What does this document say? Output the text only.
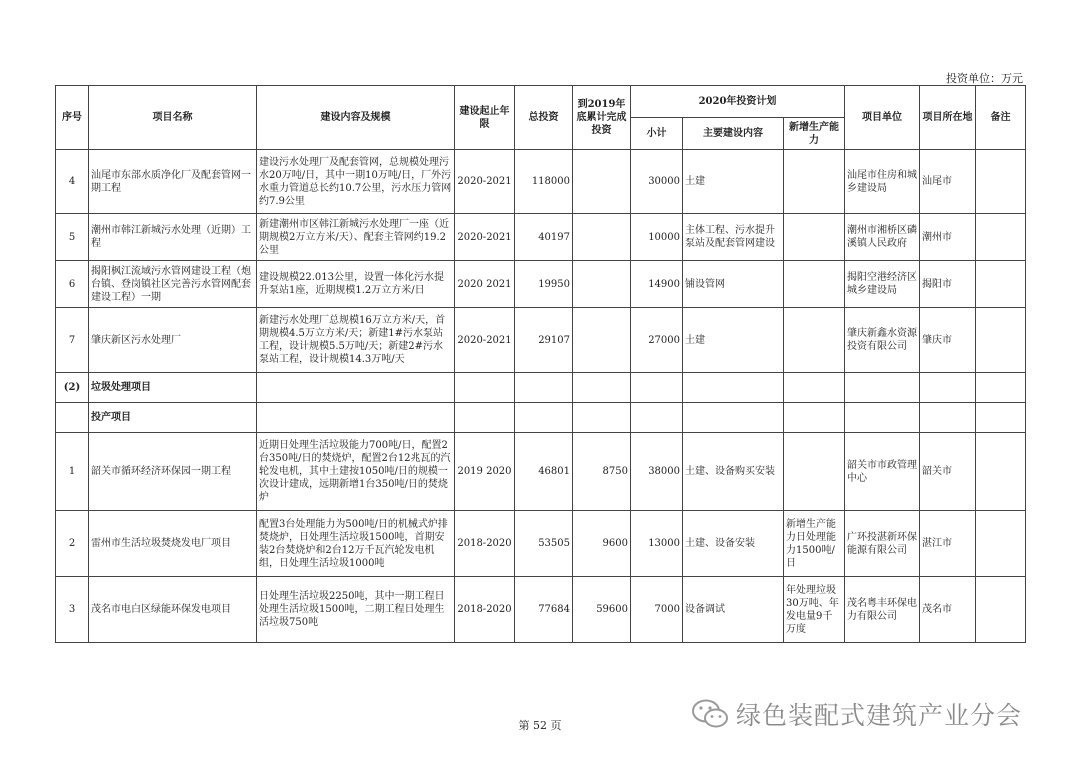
投资单位：万元
序号	项目名称	建设内容及规模	建设起止年限	总投资	到2019年底累计完成投资	2020年投资计划			项目单位	项目所在地	备注
						小计	主要建设内容	新增生产能力			
4	汕尾市东部水质净化厂及配套管网一期工程	建设污水处理厂及配套管网，总规模处理污水20万吨/日，其中一期10万吨/日，厂外污水重力管道总长约10.7公里，污水压力管网约7.9公里	2020-2021	118000		30000	土建		汕尾市住房和城乡建设局	汕尾市	
5	潮州市韩江新城污水处理（近期）工程	新建潮州市区韩江新城污水处理厂一座（近期规模2万立方米/天）、配套主管网约19.2公里	2020-2021	40197		10000	主体工程、污水提升泵站及配套管网建设		潮州市湘桥区磷溪镇人民政府	潮州市	
6	揭阳枫江流域污水管网建设工程（炮台镇、登岗镇社区完善污水管网配套建设工程）一期	建设规模22.013公里，设置一体化污水提升泵站1座，近期规模1.2万立方米/日	2020 2021	19950		14900	铺设管网		揭阳空港经济区城乡建设局	揭阳市	
7	肇庆新区污水处理厂	新建污水处理厂总规模16万立方米/天，首期规模4.5万立方米/天；新建1#污水泵站工程，设计规模5.5万吨/天；新建2#污水泵站工程，设计规模14.3万吨/天	2020-2021	29107		27000	土建		肇庆新鑫水资源投资有限公司	肇庆市	
(2)	垃圾处理项目										
	投产项目										
1	韶关市循环经济环保园一期工程	近期日处理生活垃圾能力700吨/日，配置2台350吨/日的焚烧炉，配置2台12兆瓦的汽轮发电机，其中土建按1050吨/日的规模一次设计建成，远期新增1台350吨/日的焚烧炉	2019 2020	46801	8750	38000	土建、设备购买安装		韶关市市政管理中心	韶关市	
2	雷州市生活垃圾焚烧发电厂项目	配置3台处理能力为500吨/日的机械式炉排焚烧炉，日处理生活垃圾1500吨，首期安装2台焚烧炉和2台12万千瓦汽轮发电机组，日处理生活垃圾1000吨	2018-2020	53505	9600	13000	土建、设备安装	新增生产能力日处理能力1500吨/日	广环投湛新环保能源有限公司	湛江市	
3	茂名市电白区绿能环保发电项目	日处理生活垃圾2250吨，其中一期工程日处理生活垃圾1500吨，二期工程日处理生活垃圾750吨	2018-2020	77684	59600	7000	设备调试	年处理垃圾30万吨、年发电量9千万度	茂名粤丰环保电力有限公司	茂名市	
第 52 页	绿色装配式建筑产业分会
